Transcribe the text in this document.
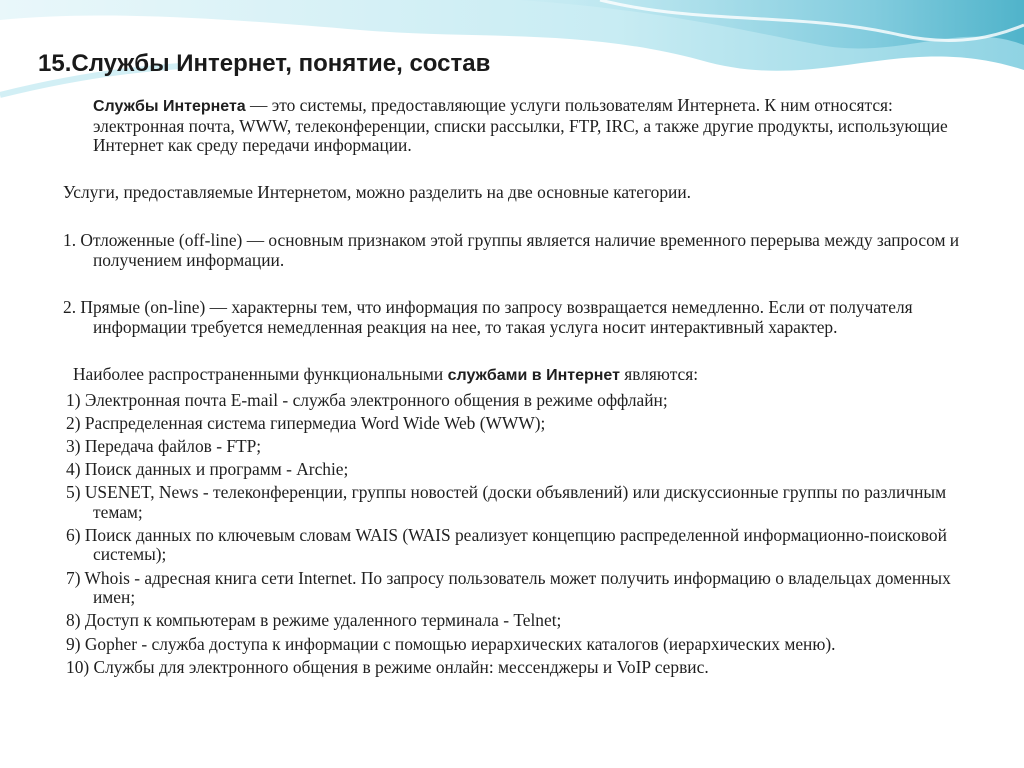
15.Службы Интернет, понятие, состав

Службы Интернета — это системы, предоставляющие услуги пользователям Интернета. К ним относятся: электронная почта, WWW, телеконференции, списки рассылки, FTP, IRC, а также другие продукты, использующие Интернет как среду передачи информации.

Услуги, предоставляемые Интернетом, можно разделить на две основные категории.

1. Отложенные (off-line) — основным признаком этой группы является наличие временного перерыва между запросом и получением информации.

2. Прямые (on-line) — характерны тем, что информация по запросу возвращается немедленно. Если от получателя информации требуется немедленная реакция на нее, то такая услуга носит интерактивный характер.

Наиболее распространенными функциональными службами в Интернет являются:

1) Электронная почта E-mail - служба электронного общения в режиме оффлайн;
2) Распределенная система гипермедиа Word Wide Web (WWW);
3) Передача файлов - FTP;
4) Поиск данных и программ - Archie;
5) USENET, News - телеконференции, группы новостей (доски объявлений) или дискуссионные группы по различным темам;
6) Поиск данных по ключевым словам WAIS (WAIS реализует концепцию распределенной информационно-поисковой системы);
7) Whois - адресная книга сети Internet. По запросу пользователь может получить информацию о владельцах доменных имен;
8) Доступ к компьютерам в режиме удаленного терминала - Telnet;
9) Gopher - служба доступа к информации с помощью иерархических каталогов (иерархических меню).
10) Службы для электронного общения в режиме онлайн: мессенджеры и VoIP сервис.
